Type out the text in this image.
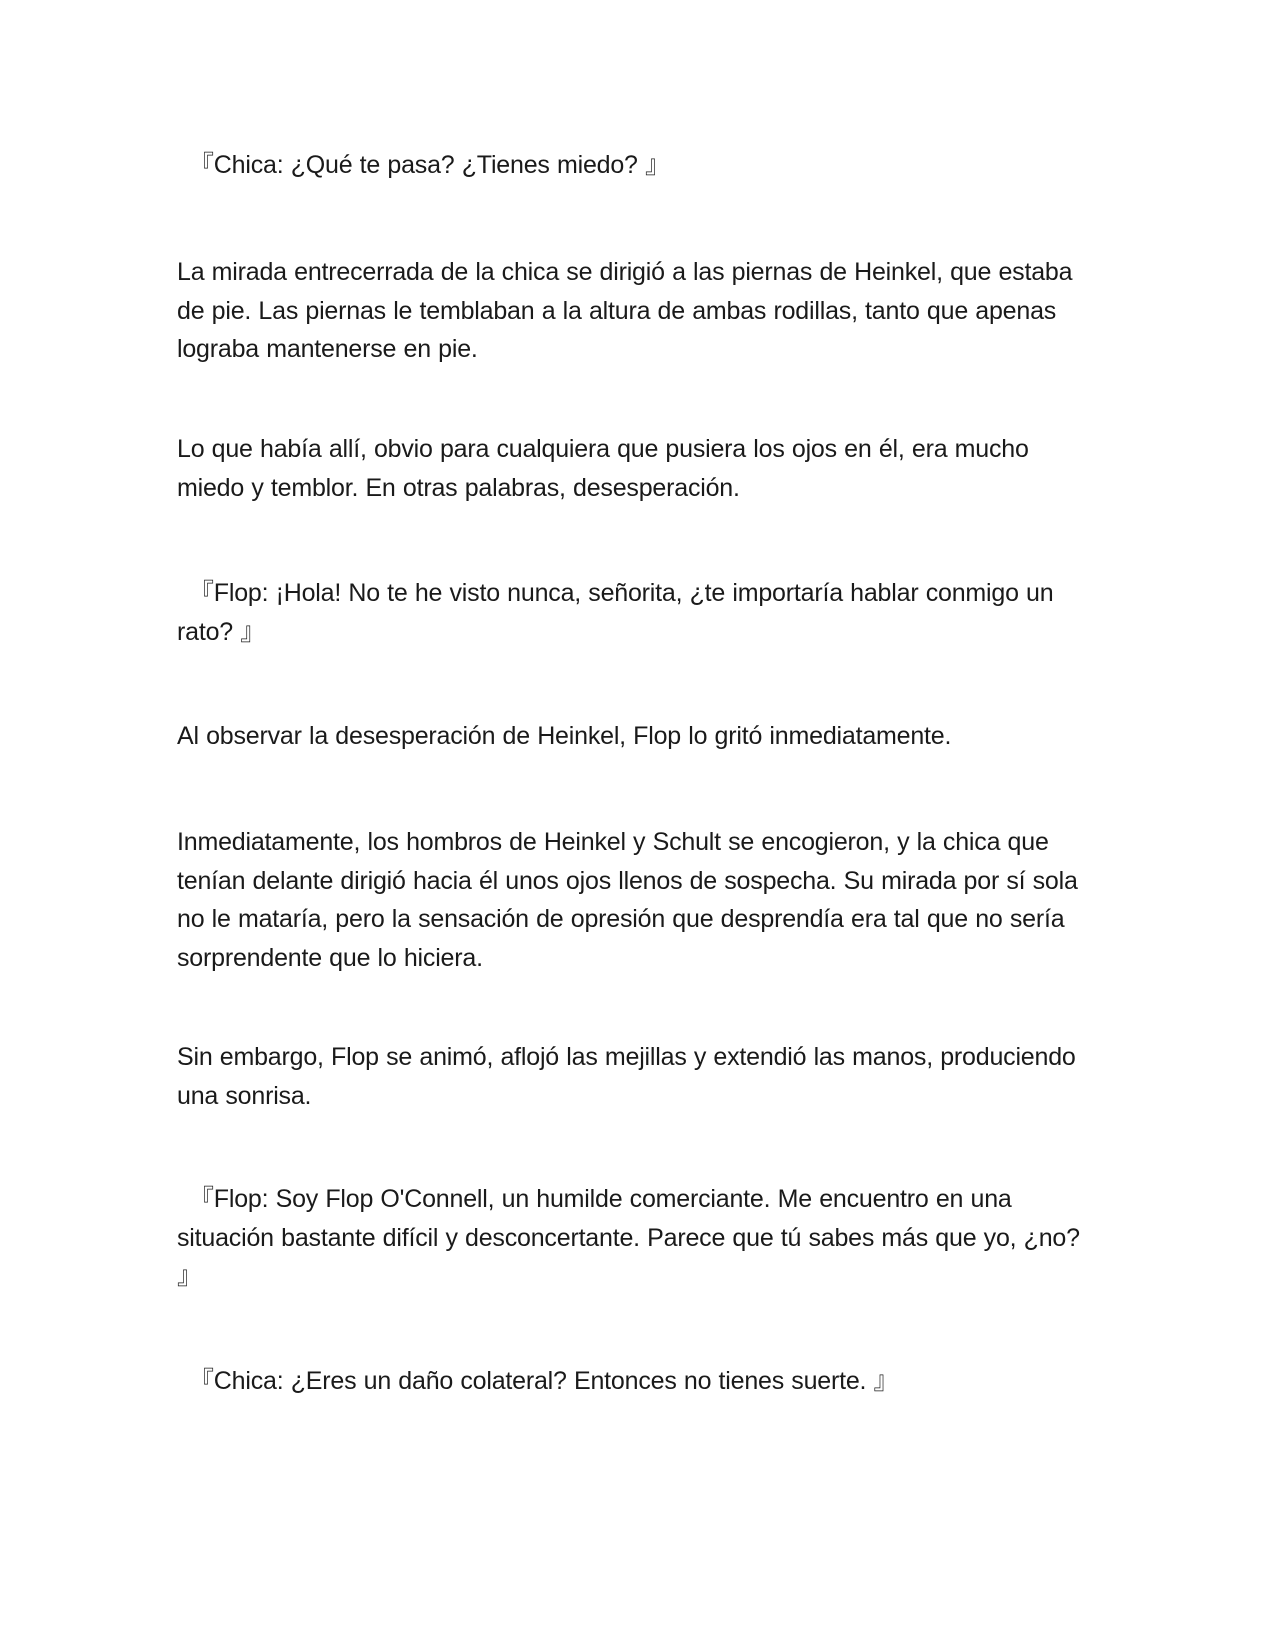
『Chica: ¿Qué te pasa? ¿Tienes miedo? 』

La mirada entrecerrada de la chica se dirigió a las piernas de Heinkel, que estaba de pie. Las piernas le temblaban a la altura de ambas rodillas, tanto que apenas lograba mantenerse en pie.

Lo que había allí, obvio para cualquiera que pusiera los ojos en él, era mucho miedo y temblor. En otras palabras, desesperación.

『Flop: ¡Hola! No te he visto nunca, señorita, ¿te importaría hablar conmigo un rato? 』

Al observar la desesperación de Heinkel, Flop lo gritó inmediatamente.

Inmediatamente, los hombros de Heinkel y Schult se encogieron, y la chica que tenían delante dirigió hacia él unos ojos llenos de sospecha. Su mirada por sí sola no le mataría, pero la sensación de opresión que desprendía era tal que no sería sorprendente que lo hiciera.

Sin embargo, Flop se animó, aflojó las mejillas y extendió las manos, produciendo una sonrisa.

『Flop: Soy Flop O'Connell, un humilde comerciante. Me encuentro en una situación bastante difícil y desconcertante. Parece que tú sabes más que yo, ¿no? 』

『Chica: ¿Eres un daño colateral? Entonces no tienes suerte. 』
